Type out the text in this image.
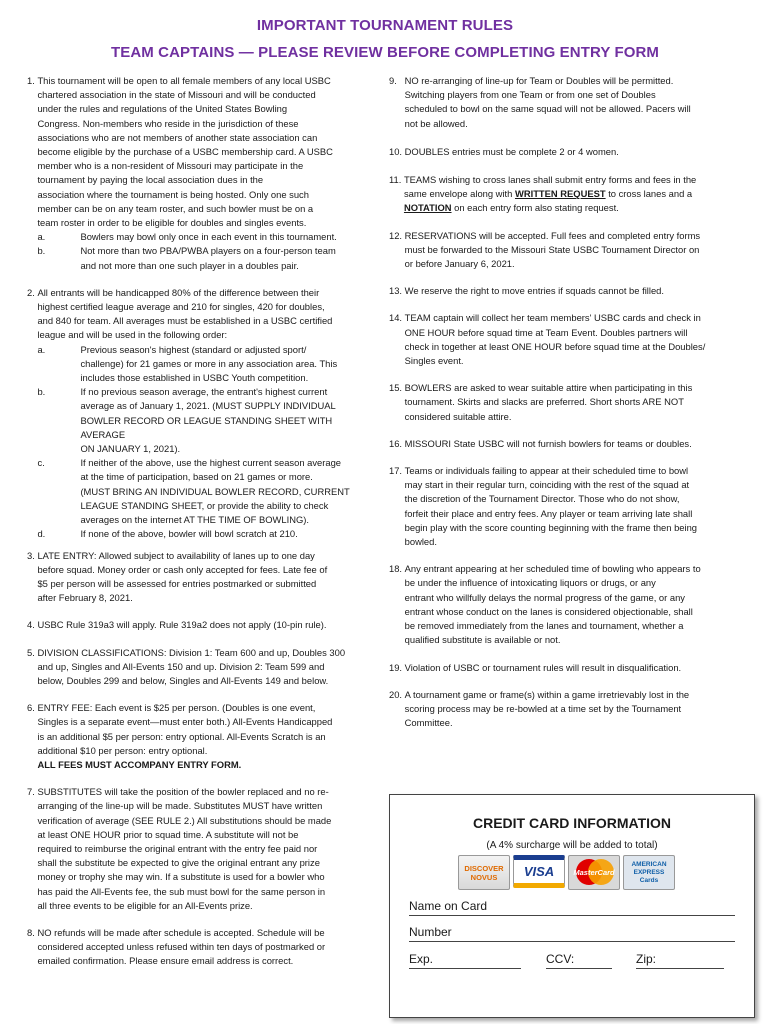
IMPORTANT TOURNAMENT RULES
TEAM CAPTAINS — PLEASE REVIEW BEFORE COMPLETING ENTRY FORM
1. This tournament will be open to all female members of any local USBC
chartered association in the state of Missouri and will be conducted
under the rules and regulations of the United States Bowling
Congress. Non-members who reside in the jurisdiction of these
associations who are not members of another state association can
become eligible by the purchase of a USBC membership card. A USBC
member who is a non-resident of Missouri may participate in the
tournament by paying the local association dues in the
association where the tournament is being hosted. Only one such
member can be on any team roster, and such bowler must be on a
team roster in order to be eligible for doubles and singles events.
a.	Bowlers may bowl only once in each event in this tournament.
b.	Not more than two PBA/PWBA players on a four-person team
and not more than one such player in a doubles pair.
2. All entrants will be handicapped 80% of the difference between their
highest certified league average and 210 for singles, 420 for doubles,
and 840 for team. All averages must be established in a USBC certified
league and will be used in the following order:
a.	Previous season's highest (standard or adjusted sport/
challenge) for 21 games or more in any association area. This
includes those established in USBC Youth competition.
b.	If no previous season average, the entrant's highest current
average as of January 1, 2021. (MUST SUPPLY INDIVIDUAL
BOWLER RECORD OR LEAGUE STANDING SHEET WITH AVERAGE
ON JANUARY 1, 2021).
c.	If neither of the above, use the highest current season average
at the time of participation, based on 21 games or more.
(MUST BRING AN INDIVIDUAL BOWLER RECORD, CURRENT
LEAGUE STANDING SHEET, or provide the ability to check
averages on the internet AT THE TIME OF BOWLING).
d.	If none of the above, bowler will bowl scratch at 210.
3. LATE ENTRY: Allowed subject to availability of lanes up to one day
before squad. Money order or cash only accepted for fees. Late fee of
$5 per person will be assessed for entries postmarked or submitted
after February 8, 2021.
4. USBC Rule 319a3 will apply. Rule 319a2 does not apply (10-pin rule).
5. DIVISION CLASSIFICATIONS: Division 1: Team 600 and up, Doubles 300
and up, Singles and All-Events 150 and up. Division 2: Team 599 and
below, Doubles 299 and below, Singles and All-Events 149 and below.
6. ENTRY FEE: Each event is $25 per person. (Doubles is one event,
Singles is a separate event—must enter both.) All-Events Handicapped
is an additional $5 per person: entry optional. All-Events Scratch is an
additional $10 per person: entry optional.
ALL FEES MUST ACCOMPANY ENTRY FORM.
7. SUBSTITUTES will take the position of the bowler replaced and no re-
arranging of the line-up will be made. Substitutes MUST have written
verification of average (SEE RULE 2.) All substitutions should be made
at least ONE HOUR prior to squad time. A substitute will not be
required to reimburse the original entrant with the entry fee paid nor
shall the substitute be expected to give the original entrant any prize
money or trophy she may win. If a substitute is used for a bowler who
has paid the All-Events fee, the sub must bowl for the same person in
all three events to be eligible for an All-Events prize.
8. NO refunds will be made after schedule is accepted. Schedule will be
considered accepted unless refused within ten days of postmarked or
emailed confirmation. Please ensure email address is correct.
9. NO re-arranging of line-up for Team or Doubles will be permitted.
Switching players from one Team or from one set of Doubles
scheduled to bowl on the same squad will not be allowed. Pacers will
not be allowed.
10. DOUBLES entries must be complete 2 or 4 women.
11. TEAMS wishing to cross lanes shall submit entry forms and fees in the
same envelope along with WRITTEN REQUEST to cross lanes and a
NOTATION on each entry form also stating request.
12. RESERVATIONS will be accepted. Full fees and completed entry forms
must be forwarded to the Missouri State USBC Tournament Director on
or before January 6, 2021.
13. We reserve the right to move entries if squads cannot be filled.
14. TEAM captain will collect her team members' USBC cards and check in
ONE HOUR before squad time at Team Event. Doubles partners will
check in together at least ONE HOUR before squad time at the Doubles/
Singles event.
15. BOWLERS are asked to wear suitable attire when participating in this
tournament. Skirts and slacks are preferred. Short shorts ARE NOT
considered suitable attire.
16. MISSOURI State USBC will not furnish bowlers for teams or doubles.
17. Teams or individuals failing to appear at their scheduled time to bowl
may start in their regular turn, coinciding with the rest of the squad at
the discretion of the Tournament Director. Those who do not show,
forfeit their place and entry fees. Any player or team arriving late shall
begin play with the score counting beginning with the frame then being
bowled.
18. Any entrant appearing at her scheduled time of bowling who appears to
be under the influence of intoxicating liquors or drugs, or any
entrant who willfully delays the normal progress of the game, or any
entrant whose conduct on the lanes is considered objectionable, shall
be removed immediately from the lanes and tournament, whether a
qualified substitute is available or not.
19. Violation of USBC or tournament rules will result in disqualification.
20. A tournament game or frame(s) within a game irretrievably lost in the
scoring process may be re-bowled at a time set by the Tournament
Committee.
CREDIT CARD INFORMATION
(A 4% surcharge will be added to total)
DISCOVER
NOVUS VISA	MasterCard
AMERICAN
EXPRESS
Cards
Name on Card
Number
Exp.	CCV:	Zip:
